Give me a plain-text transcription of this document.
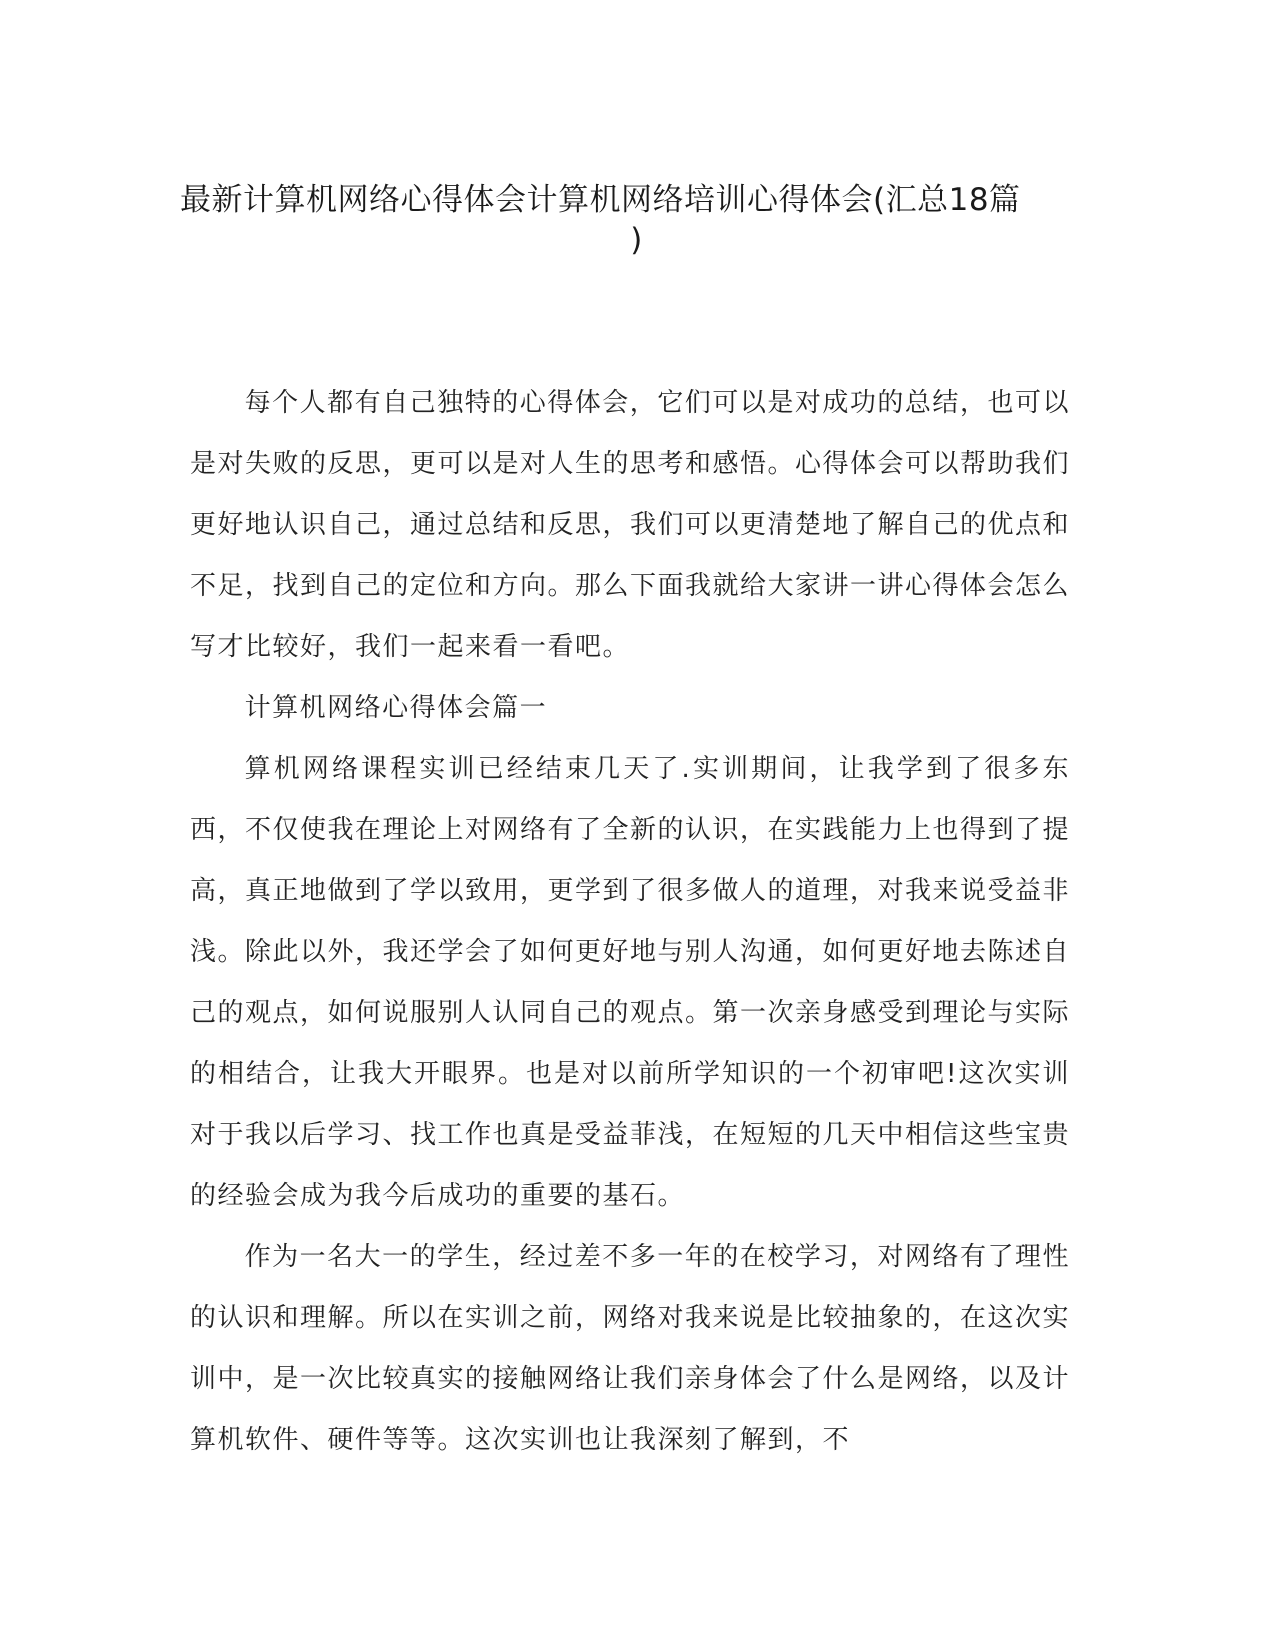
最新计算机网络心得体会计算机网络培训心得体会(汇总18篇
)

每个人都有自己独特的心得体会，它们可以是对成功的总结，也可以是对失败的反思，更可以是对人生的思考和感悟。心得体会可以帮助我们更好地认识自己，通过总结和反思，我们可以更清楚地了解自己的优点和不足，找到自己的定位和方向。那么下面我就给大家讲一讲心得体会怎么写才比较好，我们一起来看一看吧。

计算机网络心得体会篇一

算机网络课程实训已经结束几天了.实训期间，让我学到了很多东西，不仅使我在理论上对网络有了全新的认识，在实践能力上也得到了提高，真正地做到了学以致用，更学到了很多做人的道理，对我来说受益非浅。除此以外，我还学会了如何更好地与别人沟通，如何更好地去陈述自己的观点，如何说服别人认同自己的观点。第一次亲身感受到理论与实际的相结合，让我大开眼界。也是对以前所学知识的一个初审吧!这次实训对于我以后学习、找工作也真是受益菲浅，在短短的几天中相信这些宝贵的经验会成为我今后成功的重要的基石。

作为一名大一的学生，经过差不多一年的在校学习，对网络有了理性的认识和理解。所以在实训之前，网络对我来说是比较抽象的，在这次实训中，是一次比较真实的接触网络让我们亲身体会了什么是网络，以及计算机软件、硬件等等。这次实训也让我深刻了解到，不
